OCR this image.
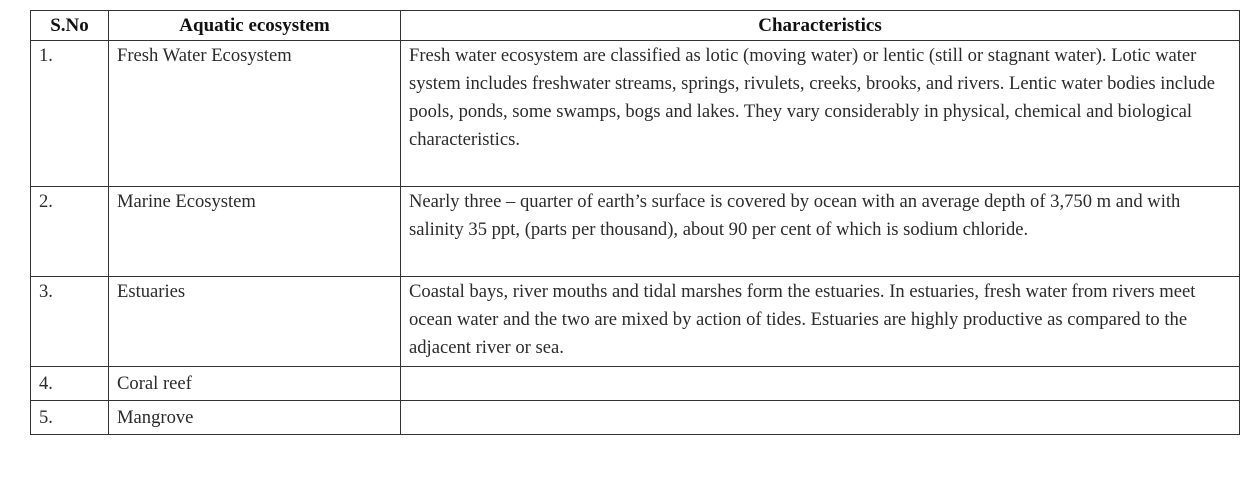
S.No	Aquatic ecosystem	Characteristics
1.	Fresh Water Ecosystem	Fresh water ecosystem are classified as lotic (moving water) or lentic (still or stagnant water). Lotic water system includes freshwater streams, springs, rivulets, creeks, brooks, and rivers. Lentic water bodies include pools, ponds, some swamps, bogs and lakes. They vary considerably in physical, chemical and biological characteristics.
2.	Marine Ecosystem	Nearly three – quarter of earth’s surface is covered by ocean with an average depth of 3,750 m and with salinity 35 ppt, (parts per thousand), about 90 per cent of which is sodium chloride.
3.	Estuaries	Coastal bays, river mouths and tidal marshes form the estuaries. In estuaries, fresh water from rivers meet ocean water and the two are mixed by action of tides. Estuaries are highly productive as compared to the adjacent river or sea.
4.	Coral reef	
5.	Mangrove	
